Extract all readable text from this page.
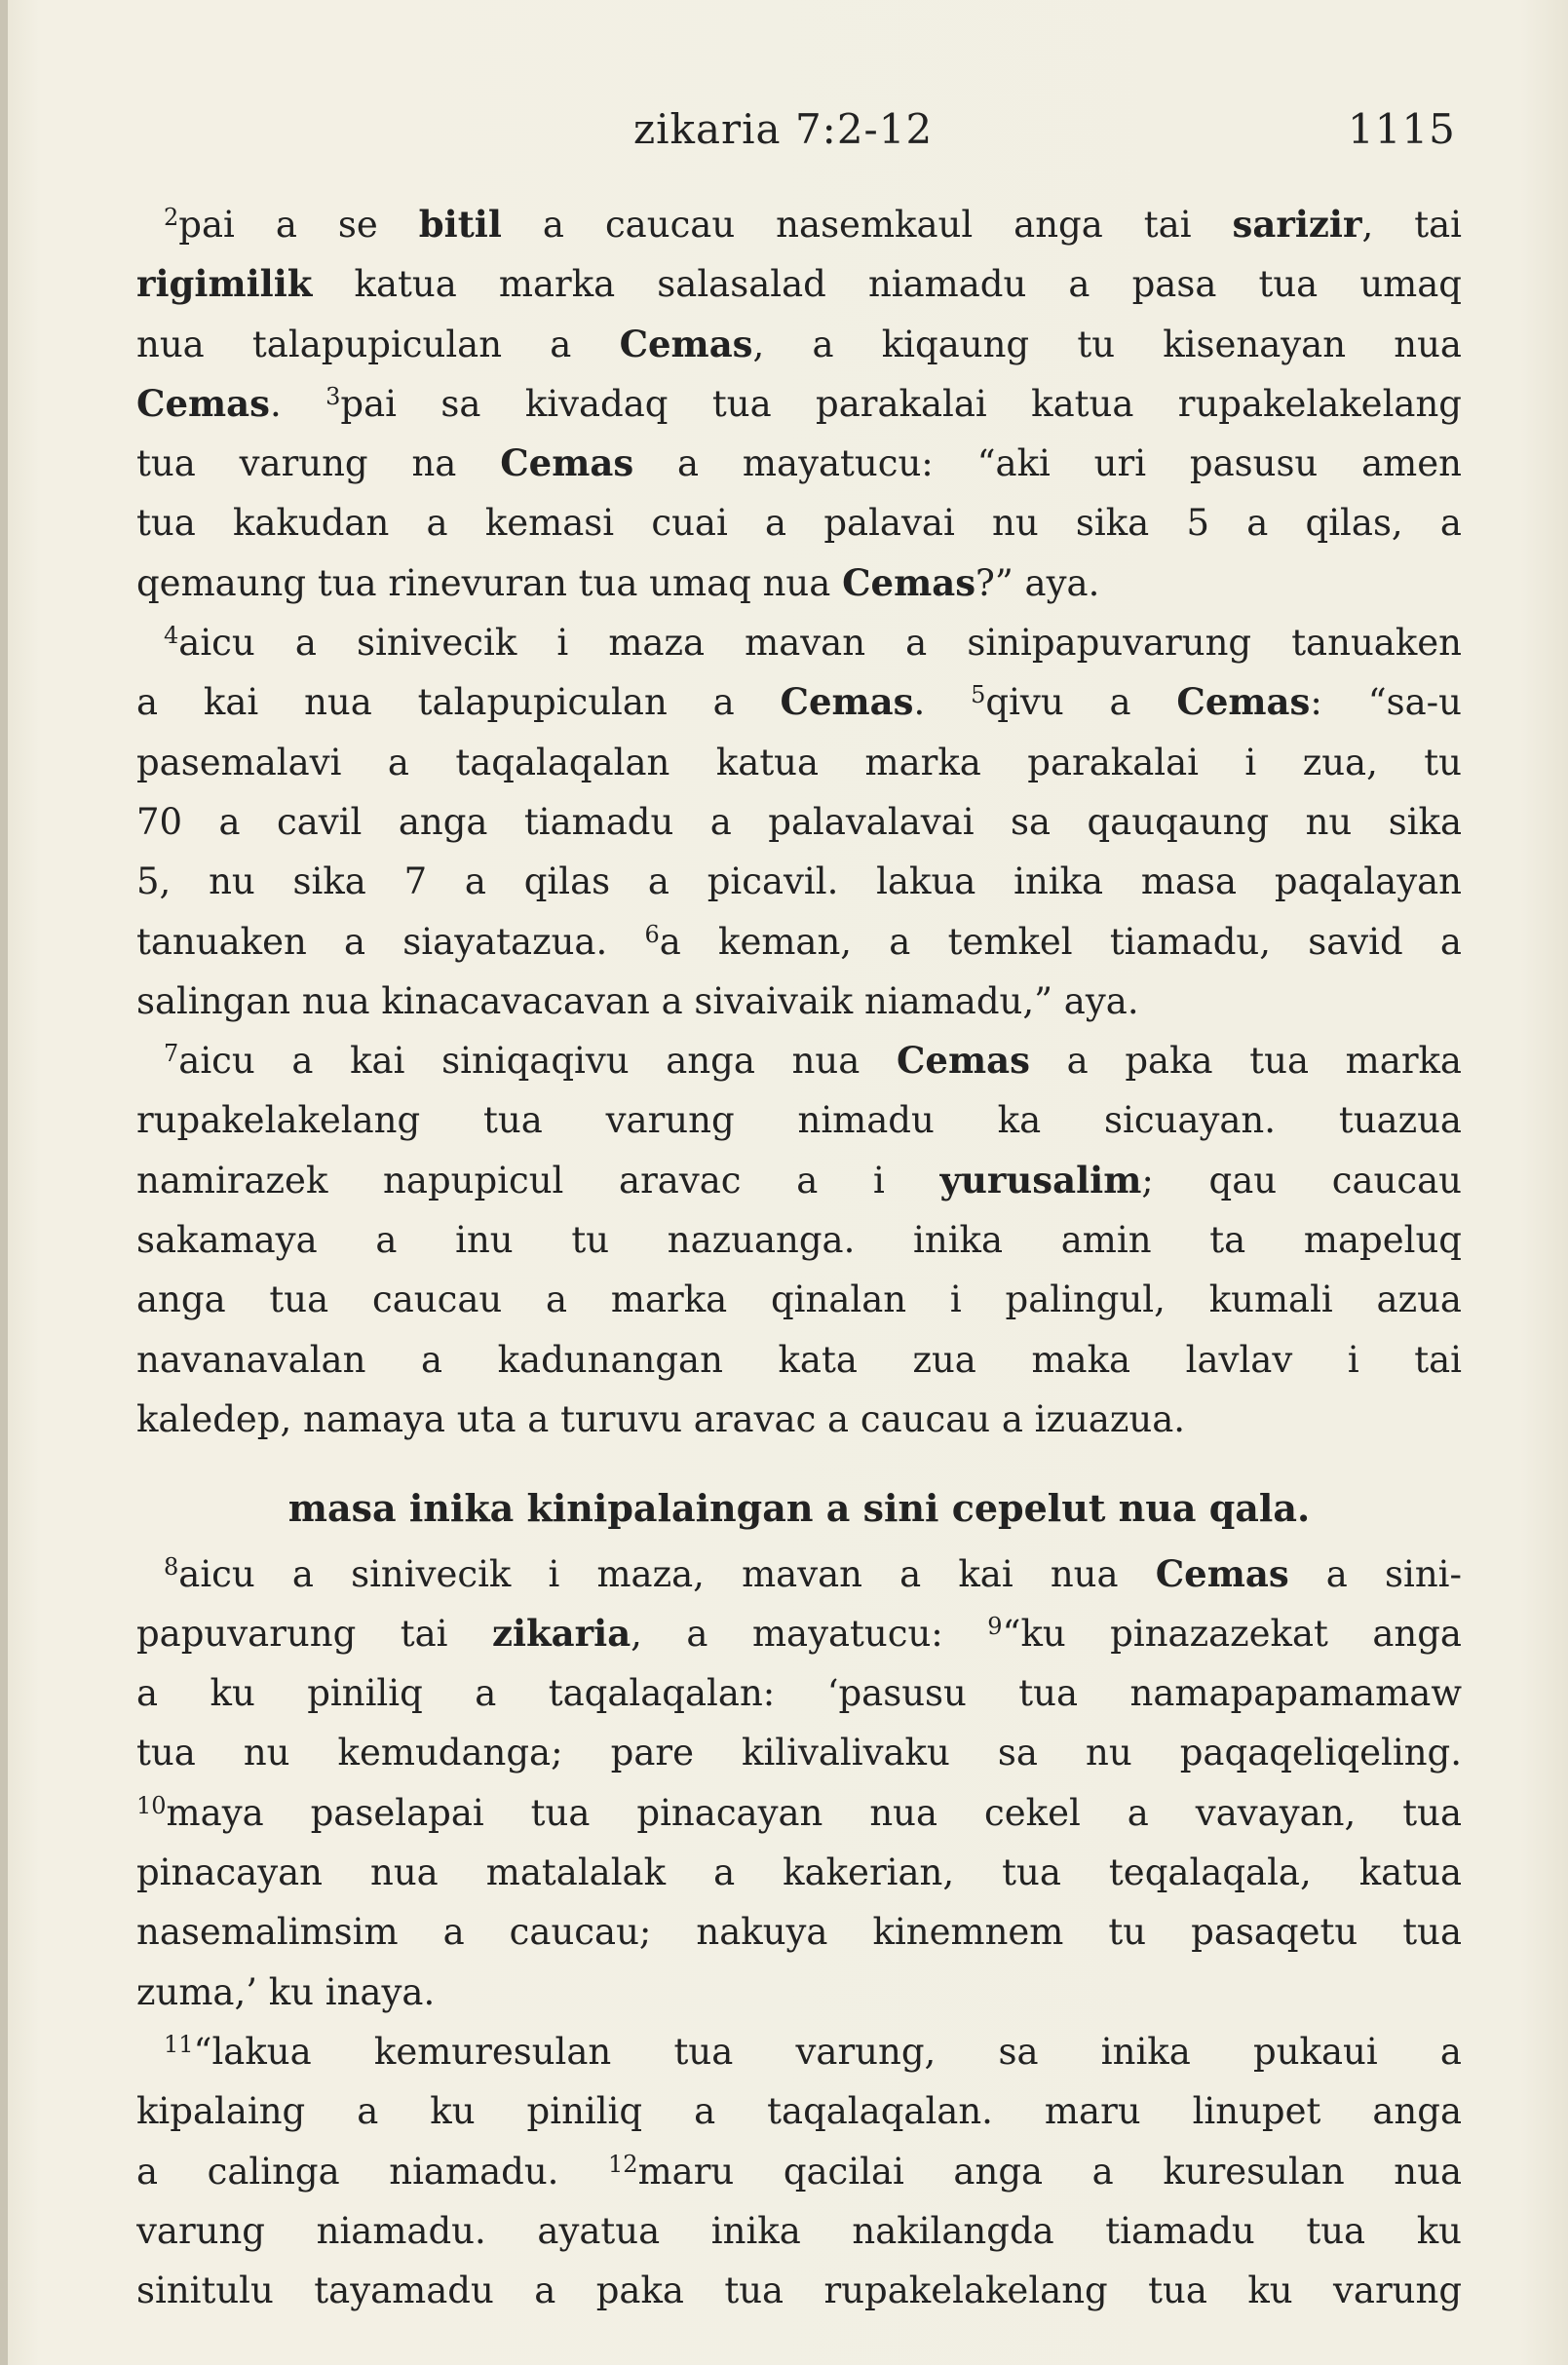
zikaria 7:2-12	1115
$^2$pai a se bitil a caucau nasemkaul anga tai sarizir, tai
rigimilik katua marka salasalad niamadu a pasa tua umaq
nua talapupiculan a Cemas, a kiqaung tu kisenayan nua
Cemas. $^3$pai sa kivadaq tua parakalai katua rupakelakelang
tua varung na Cemas a mayatucu: “aki uri pasusu amen
tua kakudan a kemasi cuai a palavai nu sika 5 a qilas, a
qemaung tua rinevuran tua umaq nua Cemas?” aya.
$^4$aicu a sinivecik i maza mavan a sinipapuvarung tanuaken
a kai nua talapupiculan a Cemas. $^5$qivu a Cemas: “sa-u
pasemalavi a taqalaqalan katua marka parakalai i zua, tu
70 a cavil anga tiamadu a palavalavai sa qauqaung nu sika
5, nu sika 7 a qilas a picavil. lakua inika masa paqalayan
tanuaken a siayatazua. $^6$a keman, a temkel tiamadu, savid a
salingan nua kinacavacavan a sivaivaik niamadu,” aya.
$^7$aicu a kai siniqaqivu anga nua Cemas a paka tua marka
rupakelakelang tua varung nimadu ka sicuayan. tuazua
namirazek napupicul aravac a i yurusalim; qau caucau
sakamaya a inu tu nazuanga. inika amin ta mapeluq
anga tua caucau a marka qinalan i palingul, kumali azua
navanavalan a kadunangan kata zua maka lavlav i tai
kaledep, namaya uta a turuvu aravac a caucau a izuazua.
masa inika kinipalaingan a sini cepelut nua qala.
$^8$aicu a sinivecik i maza, mavan a kai nua Cemas a sini-
papuvarung tai zikaria, a mayatucu: $^9$“ku pinazazekat anga
a ku piniliq a taqalaqalan: ‘pasusu tua namapapamamaw
tua nu kemudanga; pare kilivalivaku sa nu paqaqeliqeling.
$^{10}$maya paselapai tua pinacayan nua cekel a vavayan, tua
pinacayan nua matalalak a kakerian, tua teqalaqala, katua
nasemalimsim a caucau; nakuya kinemnem tu pasaqetu tua
zuma,’ ku inaya.
$^{11}$“lakua kemuresulan tua varung, sa inika pukaui a
kipalaing a ku piniliq a taqalaqalan. maru linupet anga
a calinga niamadu. $^{12}$maru qacilai anga a kuresulan nua
varung niamadu. ayatua inika nakilangda tiamadu tua ku
sinitulu tayamadu a paka tua rupakelakelang tua ku varung
